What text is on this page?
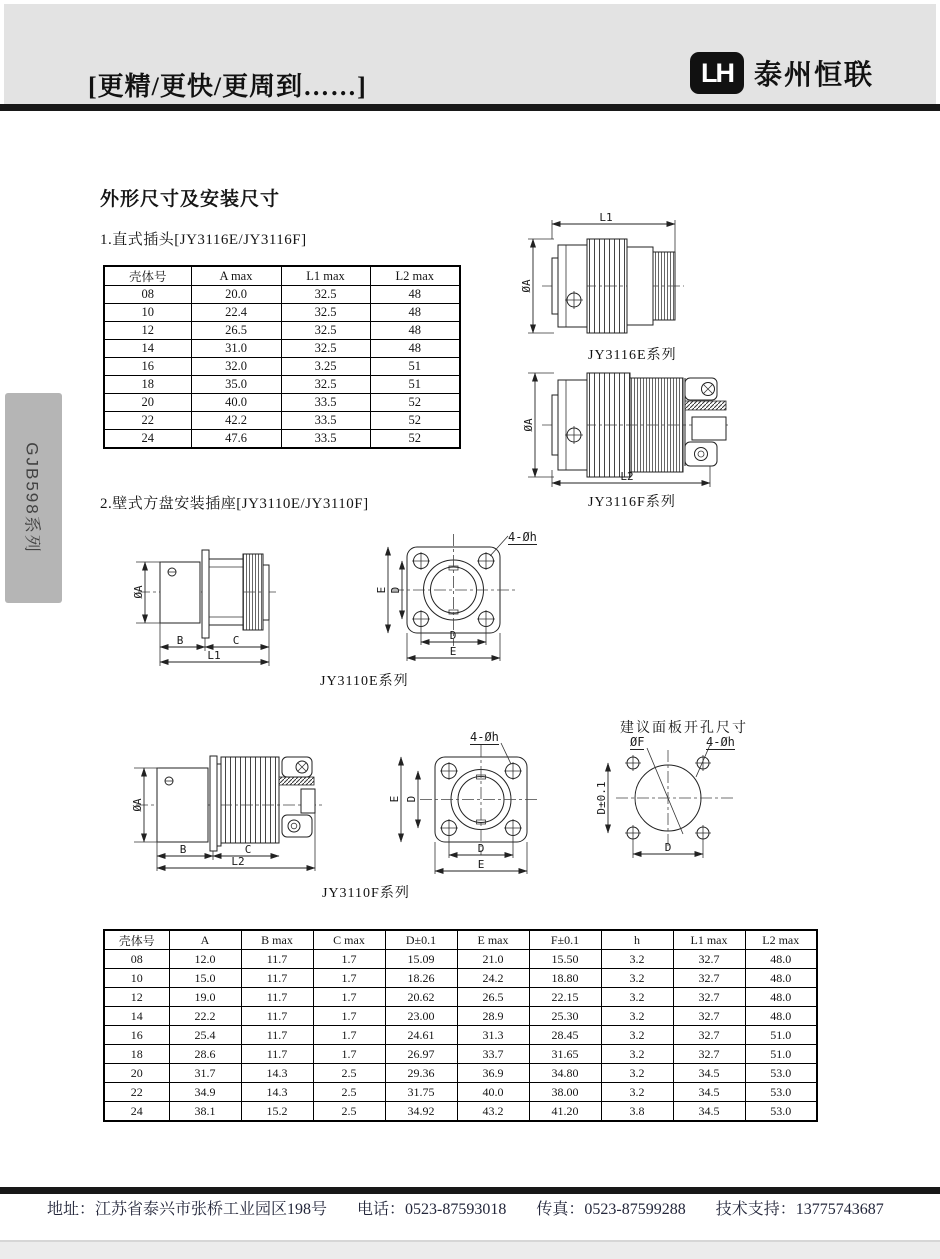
[更精/更快/更周到……]	LH 泰州恒联
GJB598系列
外形尺寸及安装尺寸
1.直式插头[JY3116E/JY3116F]
2.壁式方盘安装插座[JY3110E/JY3110F]
壳体号	A max	L1 max	L2 max
08	20.0	32.5	48
10	22.4	32.5	48
12	26.5	32.5	48
14	31.0	32.5	48
16	32.0	3.25	51
18	35.0	32.5	51
20	40.0	33.5	52
22	42.2	33.5	52
24	47.6	33.5	52
L1
ØA
JY3116E系列
ØA
L2
JY3116F系列
ØA
B	C
L1
E D
D
E
4-Øh
JY3110E系列
ØA
B	C
L2
E D
D
E
4-Øh
JY3110F系列
建议面板开孔尺寸
D±0.1
D
ØF	4-Øh
壳体号	A	B max	C max	D±0.1	E max	F±0.1	h	L1 max	L2 max
08	12.0	11.7	1.7	15.09	21.0	15.50	3.2	32.7	48.0
10	15.0	11.7	1.7	18.26	24.2	18.80	3.2	32.7	48.0
12	19.0	11.7	1.7	20.62	26.5	22.15	3.2	32.7	48.0
14	22.2	11.7	1.7	23.00	28.9	25.30	3.2	32.7	48.0
16	25.4	11.7	1.7	24.61	31.3	28.45	3.2	32.7	51.0
18	28.6	11.7	1.7	26.97	33.7	31.65	3.2	32.7	51.0
20	31.7	14.3	2.5	29.36	36.9	34.80	3.2	34.5	53.0
22	34.9	14.3	2.5	31.75	40.0	38.00	3.2	34.5	53.0
24	38.1	15.2	2.5	34.92	43.2	41.20	3.8	34.5	53.0
地址：江苏省泰兴市张桥工业园区198号 电话：0523-87593018 传真：0523-87599288 技术支持：13775743687
